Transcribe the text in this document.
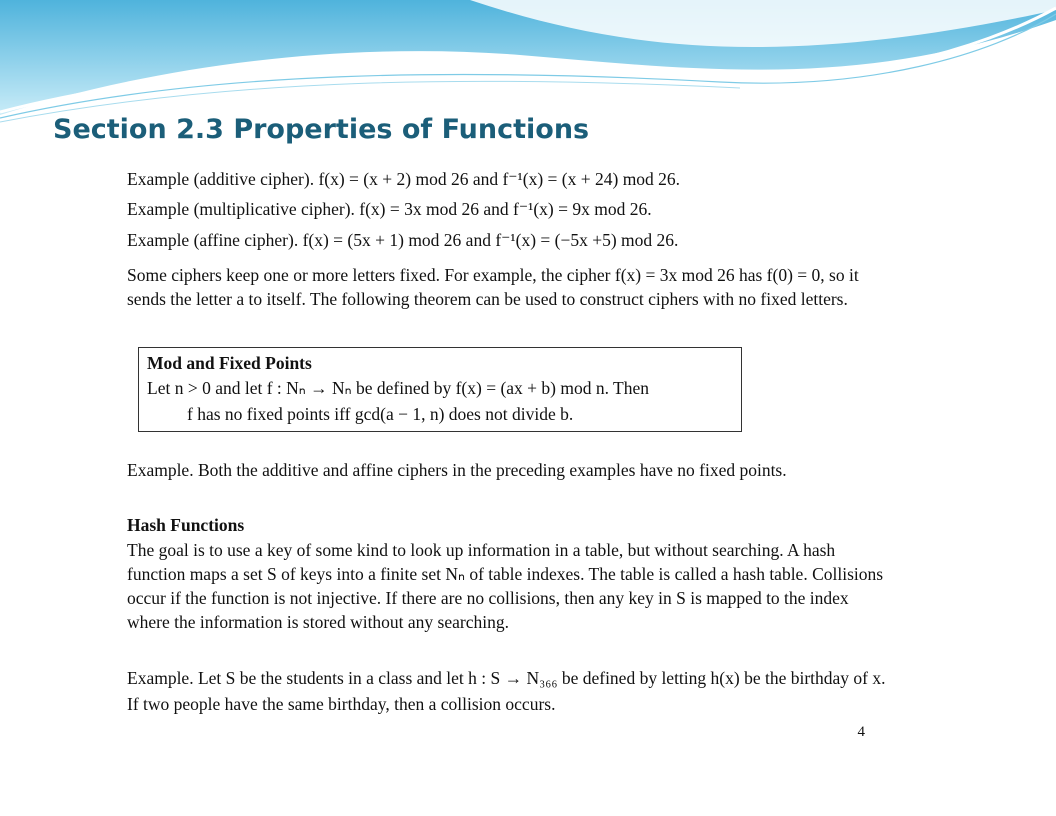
Section 2.3 Properties of Functions

Example (additive cipher). f(x) = (x + 2) mod 26 and f⁻¹(x) = (x + 24) mod 26.

Example (multiplicative cipher). f(x) = 3x mod 26 and f⁻¹(x) = 9x mod 26.

Example (affine cipher). f(x) = (5x + 1) mod 26 and f⁻¹(x) = (−5x +5) mod 26.

Some ciphers keep one or more letters fixed. For example, the cipher f(x) = 3x mod 26 has f(0) = 0, so it sends the letter a to itself. The following theorem can be used to construct ciphers with no fixed letters.

Mod and Fixed Points
Let n > 0 and let f : Nₙ → Nₙ be defined by f(x) = (ax + b) mod n. Then
f has no fixed points iff gcd(a − 1, n) does not divide b.

Example. Both the additive and affine ciphers in the preceding examples have no fixed points.

Hash Functions

The goal is to use a key of some kind to look up information in a table, but without searching. A hash function maps a set S of keys into a finite set Nₙ of table indexes. The table is called a hash table. Collisions occur if the function is not injective. If there are no collisions, then any key in S is mapped to the index where the information is stored without any searching.

Example. Let S be the students in a class and let h : S → N₃₆₆ be defined by letting h(x) be the birthday of x. If two people have the same birthday, then a collision occurs.

4
